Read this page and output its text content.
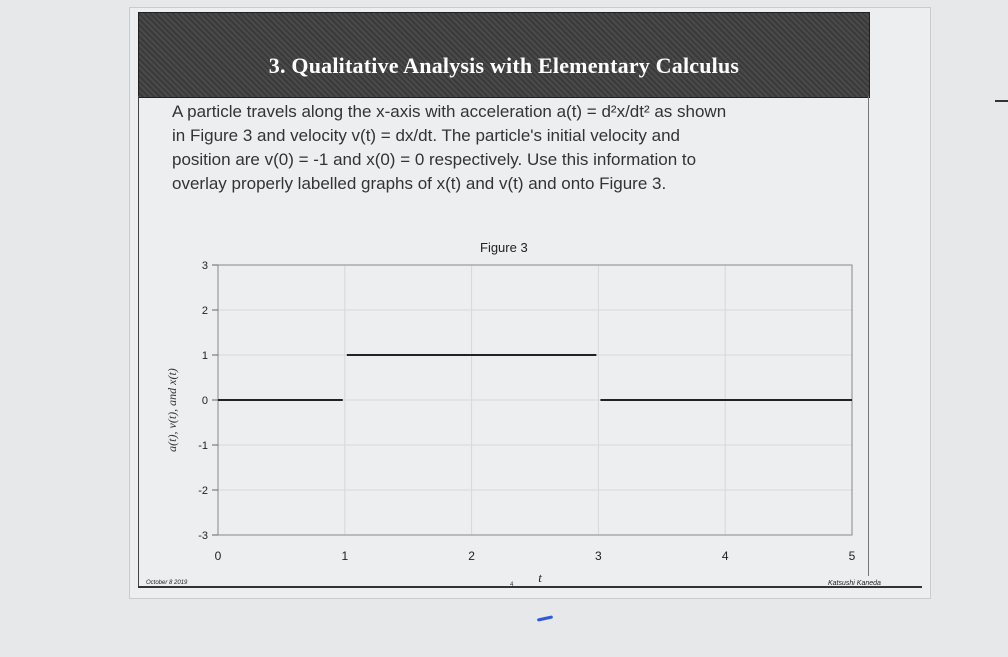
3. Qualitative Analysis with Elementary Calculus
A particle travels along the x-axis with acceleration a(t) = d²x/dt² as shown
in Figure 3 and velocity v(t) = dx/dt. The particle's initial velocity and
position are v(0) = -1 and x(0) = 0 respectively. Use this information to
overlay properly labelled graphs of x(t) and v(t) and onto Figure 3.
Figure 3
0	1	2	3	4	5
3
2
1
0
-1
-2
-3
a(t), v(t), and x(t)
t
October 8 2019	4	Katsushi Kaneda
